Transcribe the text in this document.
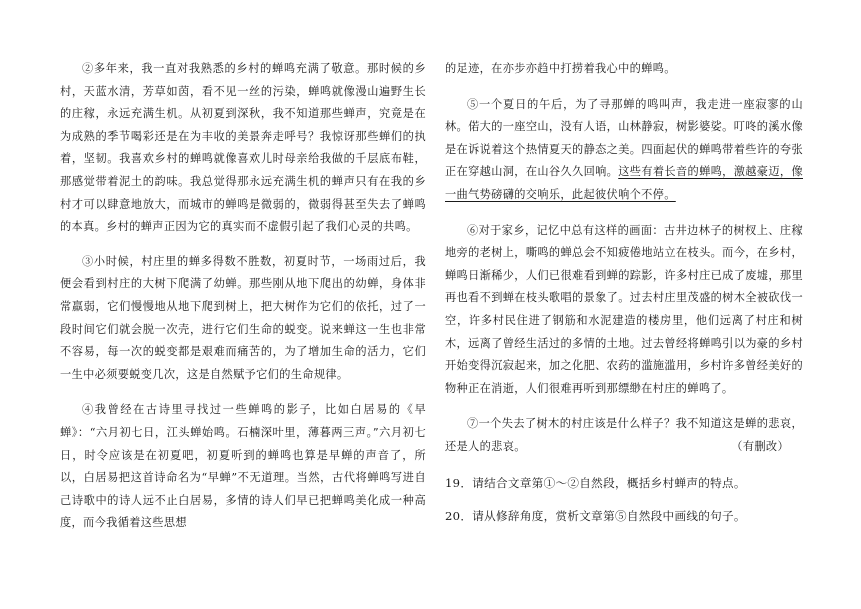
②多年来，我一直对我熟悉的乡村的蝉鸣充满了敬意。那时候的乡村，天蓝水清，芳草如茵，看不见一丝的污染，蝉鸣就像漫山遍野生长的庄稼，永远充满生机。从初夏到深秋，我不知道那些蝉声，究竟是在为成熟的季节喝彩还是在为丰收的美景奔走呼号？我惊讶那些蝉们的执着，坚韧。我喜欢乡村的蝉鸣就像喜欢儿时母亲给我做的千层底布鞋，那感觉带着泥土的韵味。我总觉得那永远充满生机的蝉声只有在我的乡村才可以肆意地放大，而城市的蝉鸣是微弱的，微弱得甚至失去了蝉鸣的本真。乡村的蝉声正因为它的真实而不虚假引起了我们心灵的共鸣。

③小时候，村庄里的蝉多得数不胜数，初夏时节，一场雨过后，我便会看到村庄的大树下爬满了幼蝉。那些刚从地下爬出的幼蝉，身体非常羸弱，它们慢慢地从地下爬到树上，把大树作为它们的依托，过了一段时间它们就会脱一次壳，进行它们生命的蜕变。说来蝉这一生也非常不容易，每一次的蜕变都是艰难而痛苦的，为了增加生命的活力，它们一生中必须要蜕变几次，这是自然赋予它们的生命规律。

④我曾经在古诗里寻找过一些蝉鸣的影子，比如白居易的《早蝉》：“六月初七日，江头蝉始鸣。石楠深叶里，薄暮两三声。”六月初七日，时令应该是在初夏吧，初夏听到的蝉鸣也算是早蝉的声音了，所以，白居易把这首诗命名为“早蝉”不无道理。当然，古代将蝉鸣写进自己诗歌中的诗人远不止白居易，多情的诗人们早已把蝉鸣美化成一种高度，而今我循着这些思想

的足迹，在亦步亦趋中打捞着我心中的蝉鸣。

⑤一个夏日的午后，为了寻那蝉的鸣叫声，我走进一座寂寥的山林。偌大的一座空山，没有人语，山林静寂，树影婆娑。叮咚的溪水像是在诉说着这个热情夏天的静态之美。四面起伏的蝉鸣带着些许的夸张正在穿越山洞，在山谷久久回响。这些有着长音的蝉鸣，激越豪迈，像一曲气势磅礴的交响乐，此起彼伏响个不停。

⑥对于家乡，记忆中总有这样的画面：古井边林子的树杈上、庄稼地旁的老树上，嘶鸣的蝉总会不知疲倦地站立在枝头。而今，在乡村，蝉鸣日渐稀少，人们已很难看到蝉的踪影，许多村庄已成了废墟，那里再也看不到蝉在枝头歌唱的景象了。过去村庄里茂盛的树木全被砍伐一空，许多村民住进了钢筋和水泥建造的楼房里，他们远离了村庄和树木，远离了曾经生活过的多情的土地。过去曾经将蝉鸣引以为豪的乡村开始变得沉寂起来，加之化肥、农药的滥施滥用，乡村许多曾经美好的物种正在消逝，人们很难再听到那缥缈在村庄的蝉鸣了。

⑦一个失去了树木的村庄该是什么样子？我不知道这是蝉的悲哀，还是人的悲哀。	（有删改）

19．请结合文章第①～②自然段，概括乡村蝉声的特点。

20．请从修辞角度，赏析文章第⑤自然段中画线的句子。
